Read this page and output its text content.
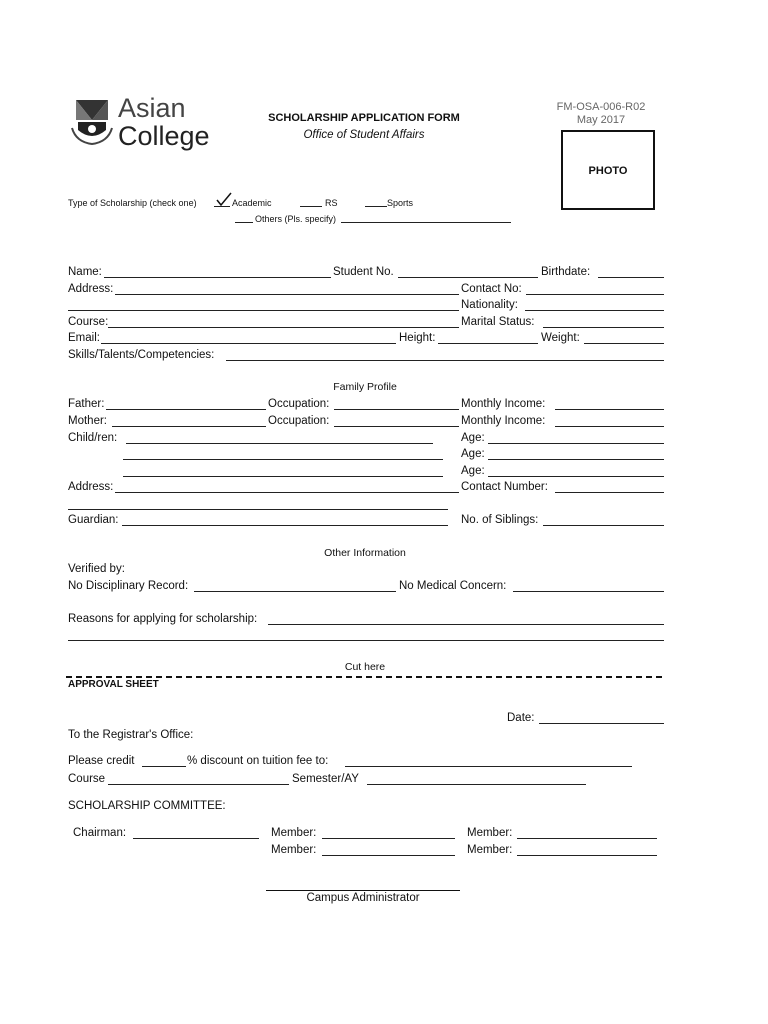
Asian
College
SCHOLARSHIP APPLICATION FORM
Office of Student Affairs
FM-OSA-006-R02
May 2017
PHOTO
Type of Scholarship (check one)	Academic	RS	Sports
Others (Pls. specify)
Name:	Student No.	Birthdate:
Address:	Contact No:
Nationality:
Course:	Marital Status:
Email:	Height:	Weight:
Skills/Talents/Competencies:
Family Profile
Father:	Occupation:	Monthly Income:
Mother:	Occupation:	Monthly Income:
Child/ren:	Age:
Age:
Age:
Address:	Contact Number:
Guardian:	No. of Siblings:
Other Information
Verified by:
No Disciplinary Record:	No Medical Concern:
Reasons for applying for scholarship:
Cut here
APPROVAL SHEET
Date:
To the Registrar's Office:
Please credit	% discount on tuition fee to:
Course	Semester/AY
SCHOLARSHIP COMMITTEE:
Chairman:	Member:	Member:
Member:	Member:
Campus Administrator
